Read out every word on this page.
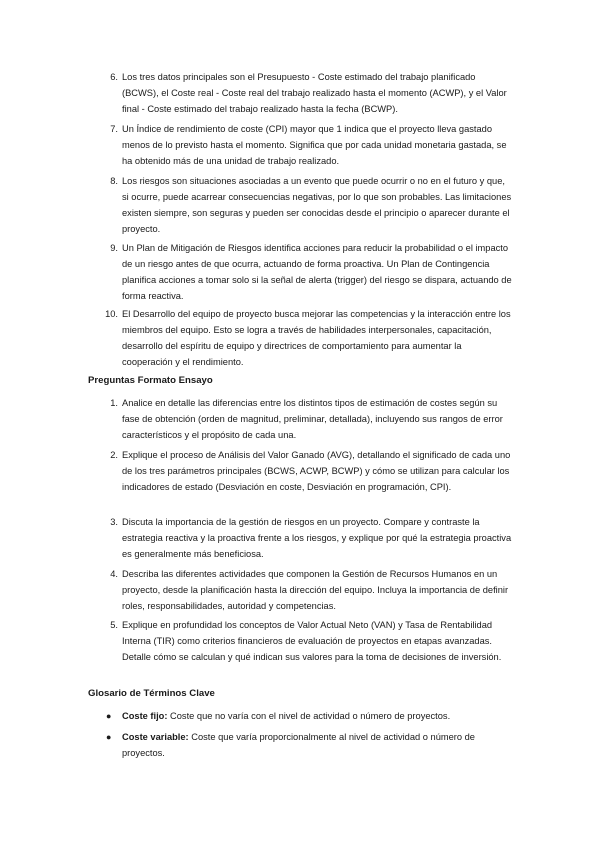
6. Los tres datos principales son el Presupuesto - Coste estimado del trabajo planificado (BCWS), el Coste real - Coste real del trabajo realizado hasta el momento (ACWP), y el Valor final - Coste estimado del trabajo realizado hasta la fecha (BCWP).
7. Un Índice de rendimiento de coste (CPI) mayor que 1 indica que el proyecto lleva gastado menos de lo previsto hasta el momento. Significa que por cada unidad monetaria gastada, se ha obtenido más de una unidad de trabajo realizado.
8. Los riesgos son situaciones asociadas a un evento que puede ocurrir o no en el futuro y que, si ocurre, puede acarrear consecuencias negativas, por lo que son probables. Las limitaciones existen siempre, son seguras y pueden ser conocidas desde el principio o aparecer durante el proyecto.
9. Un Plan de Mitigación de Riesgos identifica acciones para reducir la probabilidad o el impacto de un riesgo antes de que ocurra, actuando de forma proactiva. Un Plan de Contingencia planifica acciones a tomar solo si la señal de alerta (trigger) del riesgo se dispara, actuando de forma reactiva.
10. El Desarrollo del equipo de proyecto busca mejorar las competencias y la interacción entre los miembros del equipo. Esto se logra a través de habilidades interpersonales, capacitación, desarrollo del espíritu de equipo y directrices de comportamiento para aumentar la cooperación y el rendimiento.
Preguntas Formato Ensayo
1. Analice en detalle las diferencias entre los distintos tipos de estimación de costes según su fase de obtención (orden de magnitud, preliminar, detallada), incluyendo sus rangos de error característicos y el propósito de cada una.
2. Explique el proceso de Análisis del Valor Ganado (AVG), detallando el significado de cada uno de los tres parámetros principales (BCWS, ACWP, BCWP) y cómo se utilizan para calcular los indicadores de estado (Desviación en coste, Desviación en programación, CPI).
3. Discuta la importancia de la gestión de riesgos en un proyecto. Compare y contraste la estrategia reactiva y la proactiva frente a los riesgos, y explique por qué la estrategia proactiva es generalmente más beneficiosa.
4. Describa las diferentes actividades que componen la Gestión de Recursos Humanos en un proyecto, desde la planificación hasta la dirección del equipo. Incluya la importancia de definir roles, responsabilidades, autoridad y competencias.
5. Explique en profundidad los conceptos de Valor Actual Neto (VAN) y Tasa de Rentabilidad Interna (TIR) como criterios financieros de evaluación de proyectos en etapas avanzadas. Detalle cómo se calculan y qué indican sus valores para la toma de decisiones de inversión.
Glosario de Términos Clave
● Coste fijo: Coste que no varía con el nivel de actividad o número de proyectos.
● Coste variable: Coste que varía proporcionalmente al nivel de actividad o número de proyectos.
